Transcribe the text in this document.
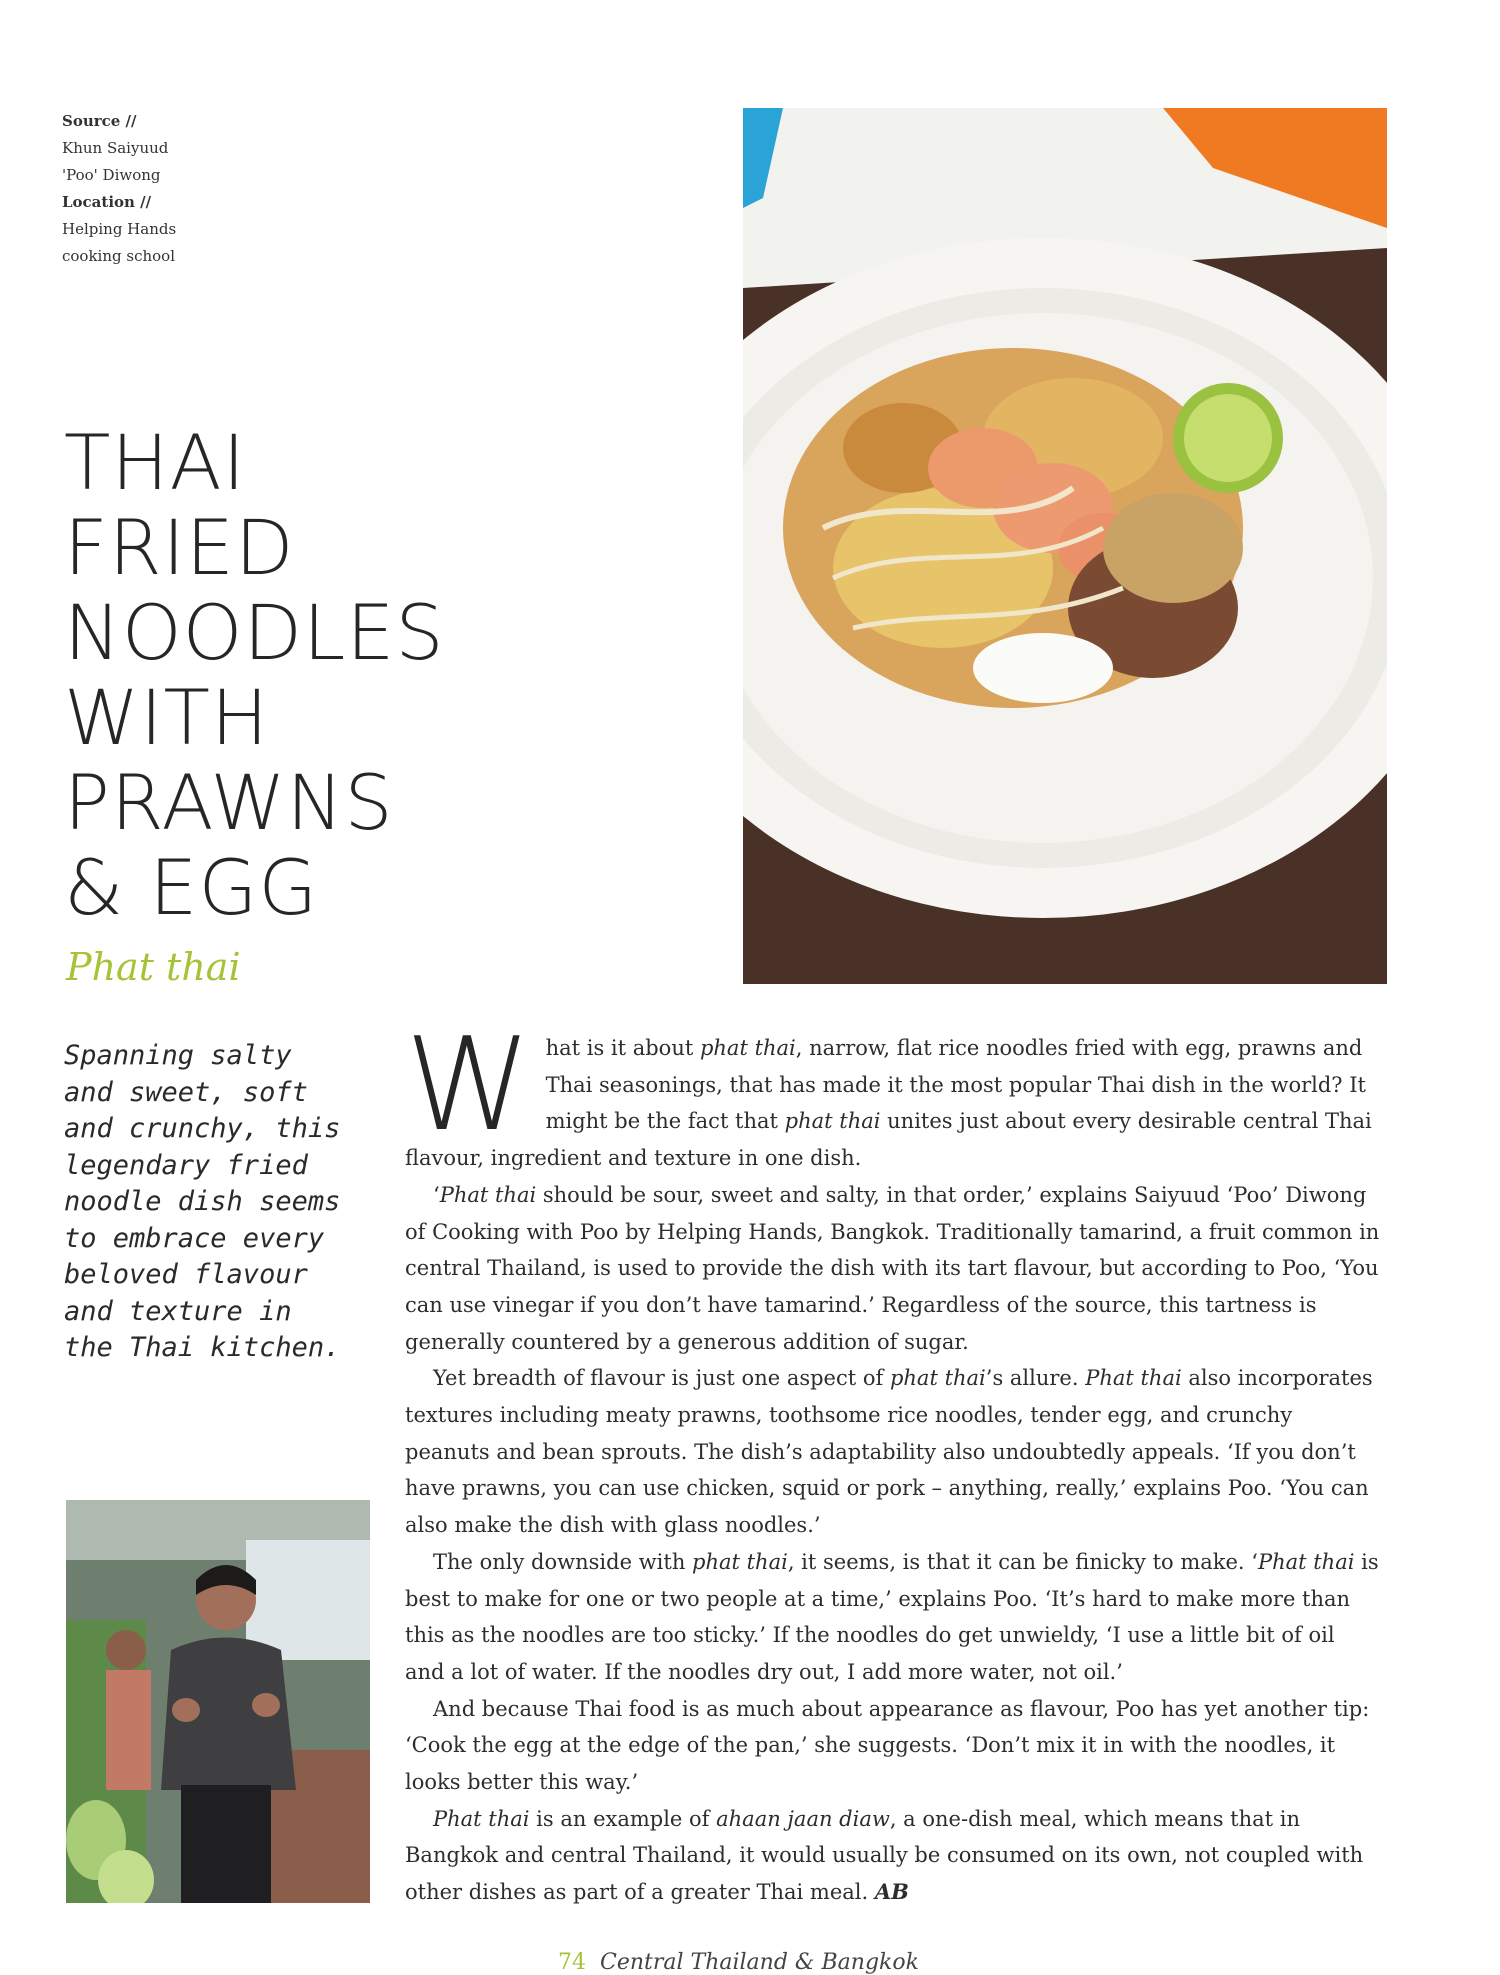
Source //
Khun Saiyuud
'Poo' Diwong
Location //
Helping Hands
cooking school
THAI
FRIED
NOODLES
WITH
PRAWNS
& EGG
Phat thai
Spanning salty and sweet, soft and crunchy, this legendary fried noodle dish seems to embrace every beloved flavour and texture in the Thai kitchen.

What is it about phat thai, narrow, flat rice noodles fried with egg, prawns and Thai seasonings, that has made it the most popular Thai dish in the world? It might be the fact that phat thai unites just about every desirable central Thai flavour, ingredient and texture in one dish.

‘Phat thai should be sour, sweet and salty, in that order,’ explains Saiyuud ‘Poo’ Diwong of Cooking with Poo by Helping Hands, Bangkok. Traditionally tamarind, a fruit common in central Thailand, is used to provide the dish with its tart flavour, but according to Poo, ‘You can use vinegar if you don’t have tamarind.’ Regardless of the source, this tartness is generally countered by a generous addition of sugar.

Yet breadth of flavour is just one aspect of phat thai’s allure. Phat thai also incorporates textures including meaty prawns, toothsome rice noodles, tender egg, and crunchy peanuts and bean sprouts. The dish’s adaptability also undoubtedly appeals. ‘If you don’t have prawns, you can use chicken, squid or pork – anything, really,’ explains Poo. ‘You can also make the dish with glass noodles.’

The only downside with phat thai, it seems, is that it can be finicky to make. ‘Phat thai is best to make for one or two people at a time,’ explains Poo. ‘It’s hard to make more than this as the noodles are too sticky.’ If the noodles do get unwieldy, ‘I use a little bit of oil and a lot of water. If the noodles dry out, I add more water, not oil.’

And because Thai food is as much about appearance as flavour, Poo has yet another tip: ‘Cook the egg at the edge of the pan,’ she suggests. ‘Don’t mix it in with the noodles, it looks better this way.’

Phat thai is an example of ahaan jaan diaw, a one-dish meal, which means that in Bangkok and central Thailand, it would usually be consumed on its own, not coupled with other dishes as part of a greater Thai meal. AB

74 Central Thailand & Bangkok
